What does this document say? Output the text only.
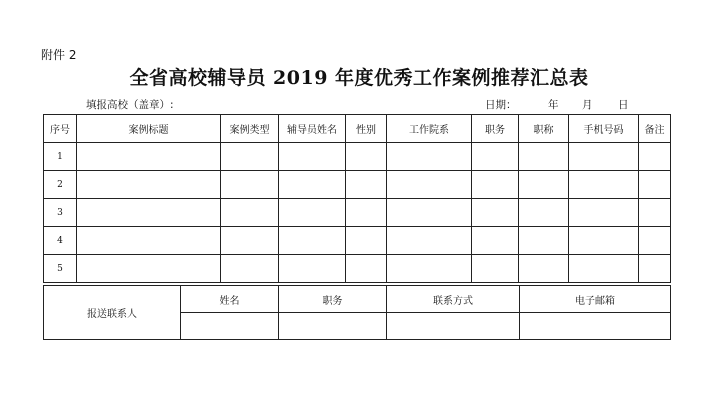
附件 2
全省高校辅导员 2019 年度优秀工作案例推荐汇总表
填报高校（盖章）:	日期：	年 月 日
序号	案例标题	案例类型	辅导员姓名	性别	工作院系	职务	职称	手机号码	备注
1									
2									
3									
4									
5									
报送联系人	姓名	职务	联系方式	电子邮箱
